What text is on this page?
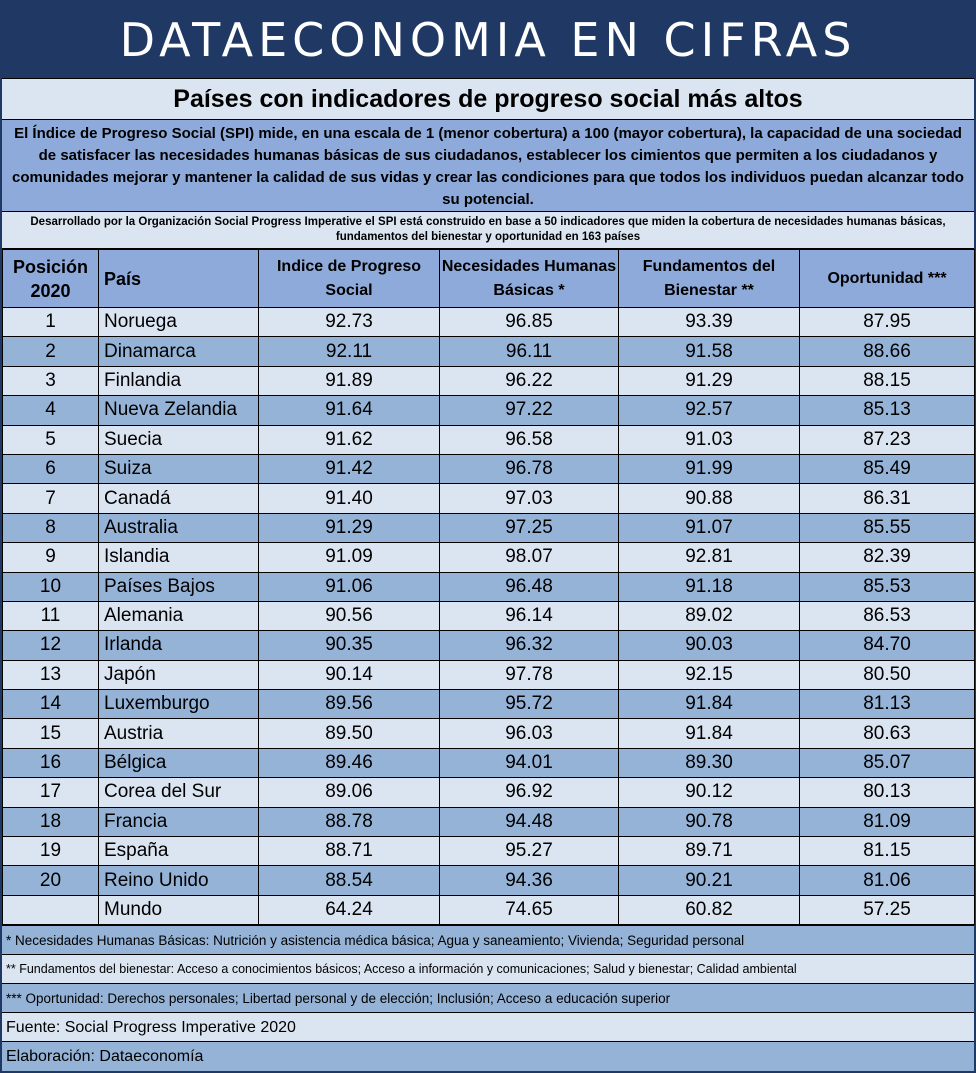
DATAECONOMIA EN CIFRAS
Países con indicadores de progreso social más altos
El Índice de Progreso Social (SPI) mide, en una escala de 1 (menor cobertura) a 100 (mayor cobertura), la capacidad de una sociedad de satisfacer las necesidades humanas básicas de sus ciudadanos, establecer los cimientos que permiten a los ciudadanos y comunidades mejorar y mantener la calidad de sus vidas y crear las condiciones para que todos los individuos puedan alcanzar todo su potencial.
Desarrollado por la Organización Social Progress Imperative el SPI está construido en base a 50 indicadores que miden la cobertura de necesidades humanas básicas, fundamentos del bienestar y oportunidad en 163 países
Posición 2020	País	Indice de Progreso Social	Necesidades Humanas Básicas *	Fundamentos del Bienestar **	Oportunidad ***
1	Noruega	92.73	96.85	93.39	87.95
2	Dinamarca	92.11	96.11	91.58	88.66
3	Finlandia	91.89	96.22	91.29	88.15
4	Nueva Zelandia	91.64	97.22	92.57	85.13
5	Suecia	91.62	96.58	91.03	87.23
6	Suiza	91.42	96.78	91.99	85.49
7	Canadá	91.40	97.03	90.88	86.31
8	Australia	91.29	97.25	91.07	85.55
9	Islandia	91.09	98.07	92.81	82.39
10	Países Bajos	91.06	96.48	91.18	85.53
11	Alemania	90.56	96.14	89.02	86.53
12	Irlanda	90.35	96.32	90.03	84.70
13	Japón	90.14	97.78	92.15	80.50
14	Luxemburgo	89.56	95.72	91.84	81.13
15	Austria	89.50	96.03	91.84	80.63
16	Bélgica	89.46	94.01	89.30	85.07
17	Corea del Sur	89.06	96.92	90.12	80.13
18	Francia	88.78	94.48	90.78	81.09
19	España	88.71	95.27	89.71	81.15
20	Reino Unido	88.54	94.36	90.21	81.06
	Mundo	64.24	74.65	60.82	57.25
* Necesidades Humanas Básicas: Nutrición y asistencia médica básica; Agua y saneamiento; Vivienda; Seguridad personal
** Fundamentos del bienestar: Acceso a conocimientos básicos; Acceso a información y comunicaciones; Salud y bienestar; Calidad ambiental
*** Oportunidad: Derechos personales; Libertad personal y de elección; Inclusión; Acceso a educación superior
Fuente: Social Progress Imperative 2020
Elaboración: Dataeconomía
